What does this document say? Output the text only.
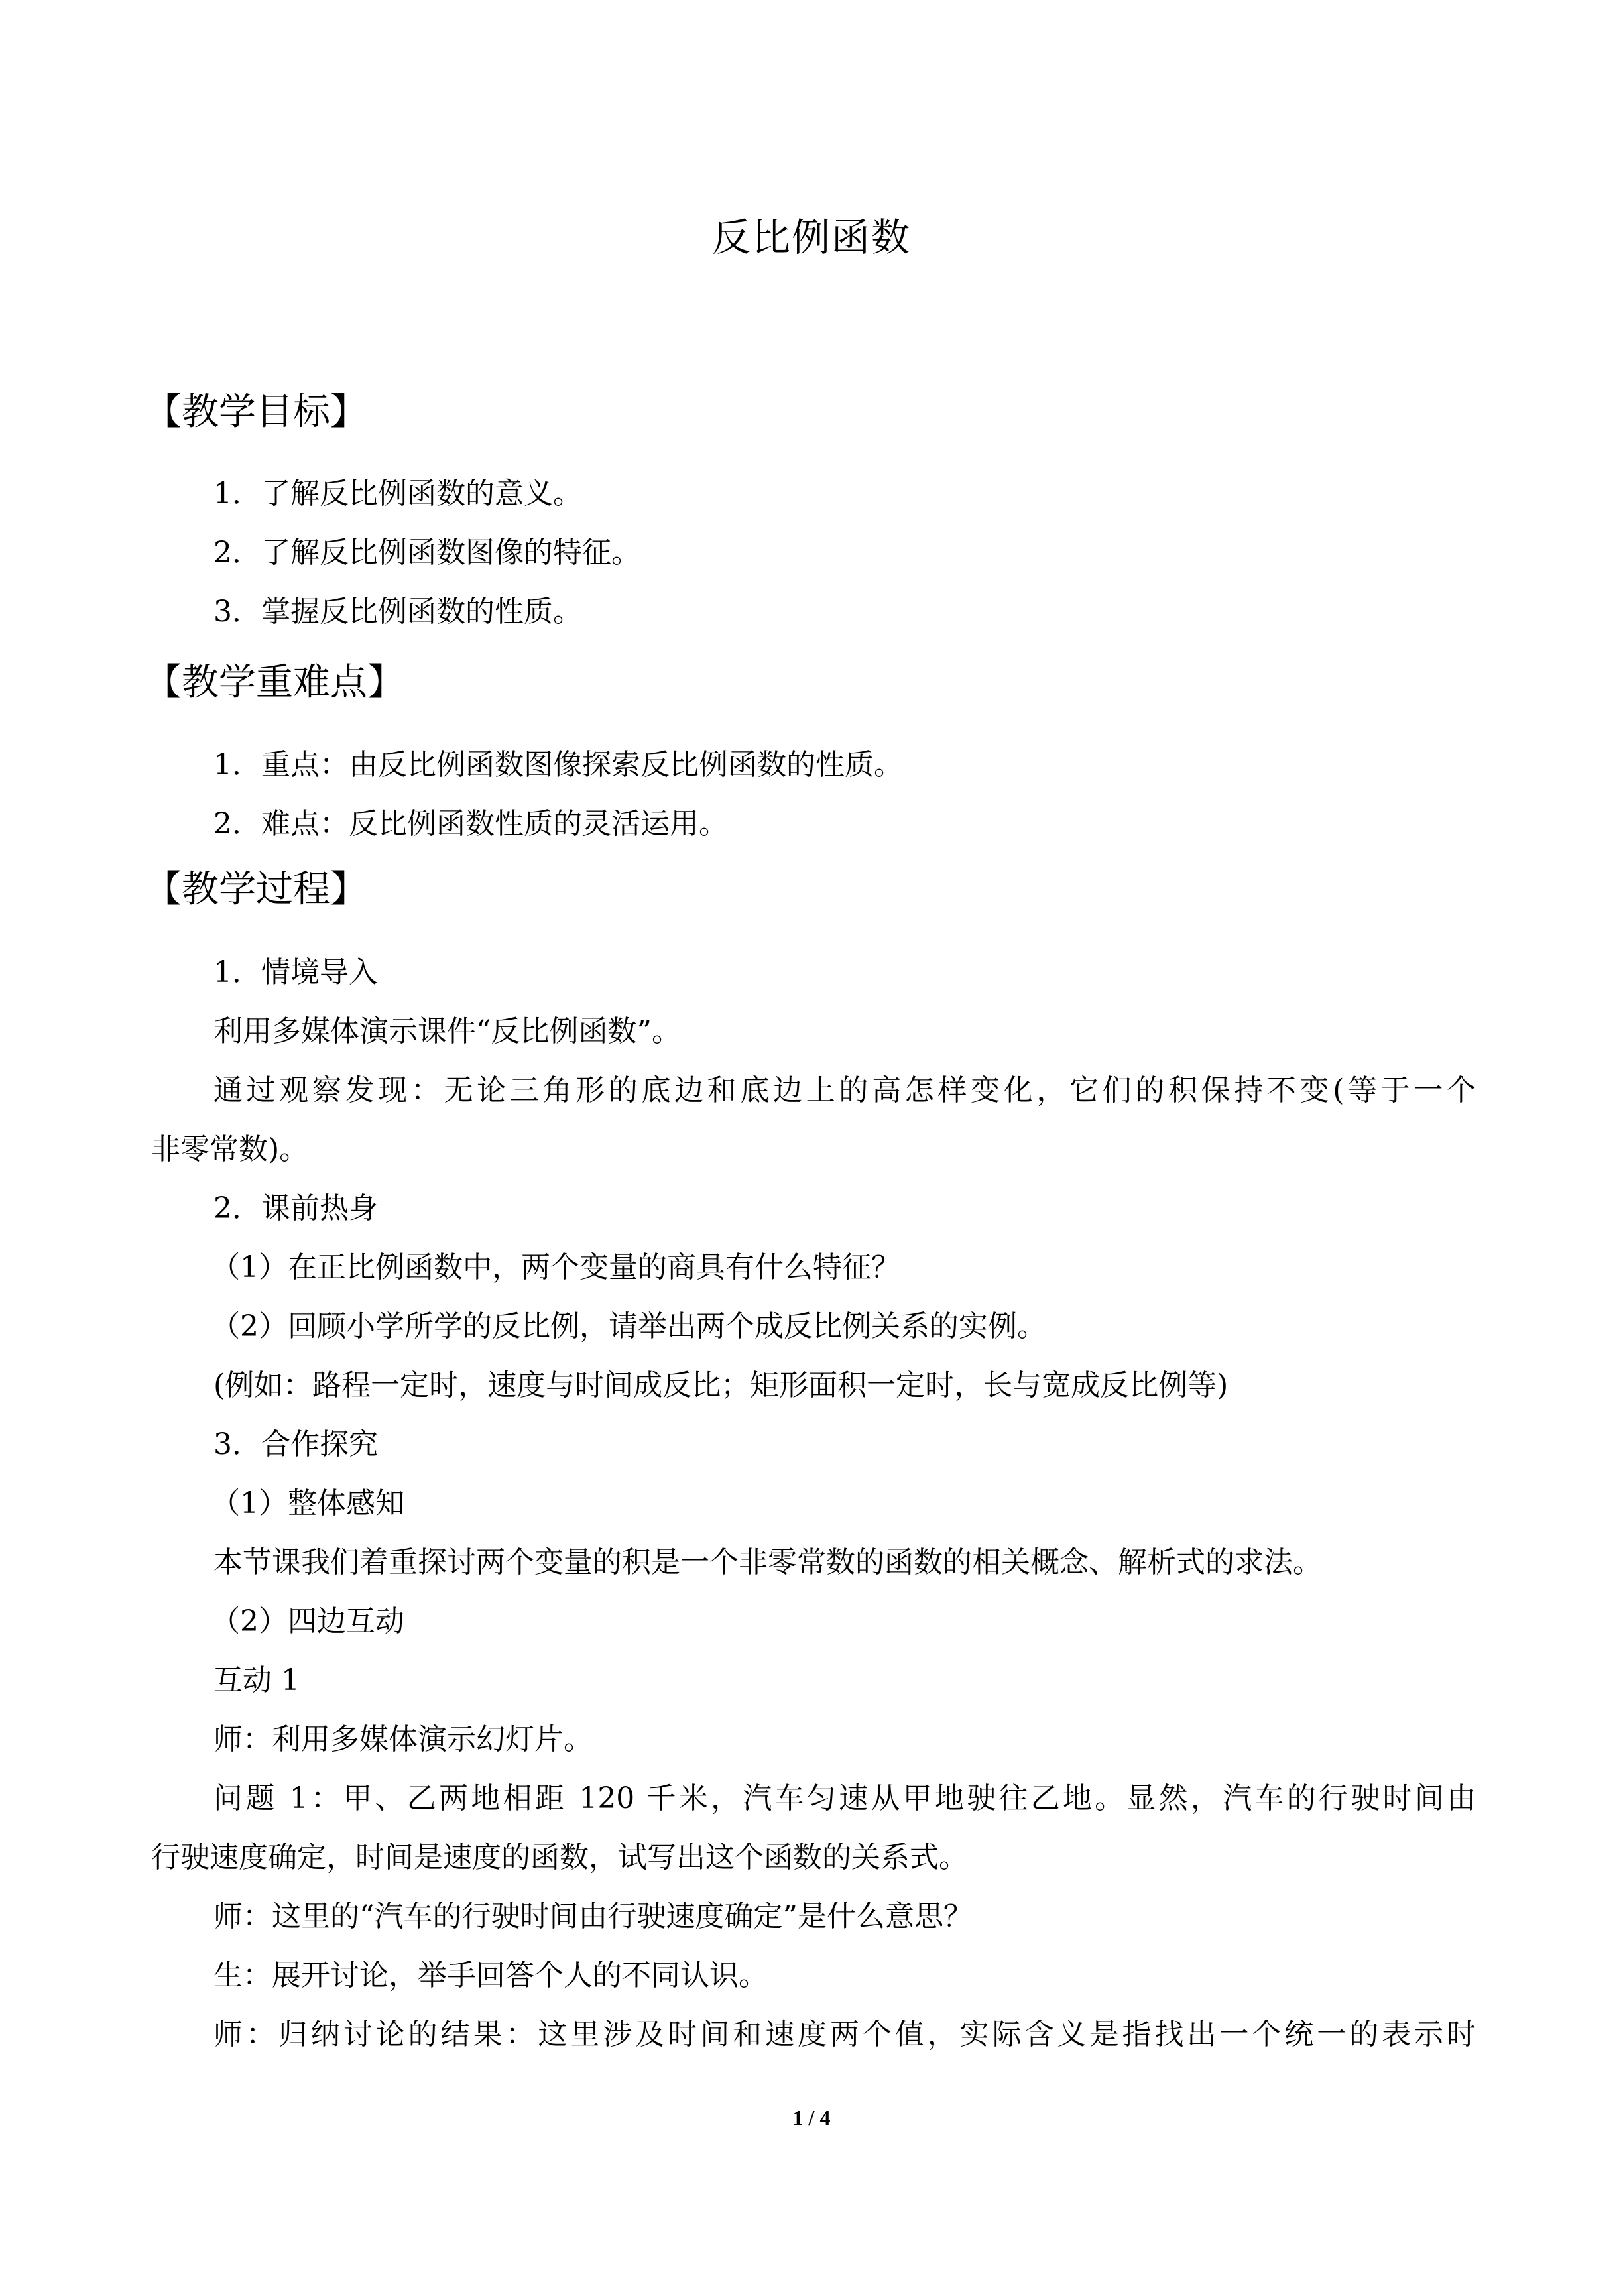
反比例函数
【教学目标】
1．了解反比例函数的意义。
2．了解反比例函数图像的特征。
3．掌握反比例函数的性质。
【教学重难点】
1．重点：由反比例函数图像探索反比例函数的性质。
2．难点：反比例函数性质的灵活运用。
【教学过程】
1．情境导入
利用多媒体演示课件“反比例函数”。
通过观察发现：无论三角形的底边和底边上的高怎样变化，它们的积保持不变(等于一个
非零常数)。
2．课前热身
（1）在正比例函数中，两个变量的商具有什么特征？
（2）回顾小学所学的反比例，请举出两个成反比例关系的实例。
(例如：路程一定时，速度与时间成反比；矩形面积一定时，长与宽成反比例等)
3．合作探究
（1）整体感知
本节课我们着重探讨两个变量的积是一个非零常数的函数的相关概念、解析式的求法。
（2）四边互动
互动 1
师：利用多媒体演示幻灯片。
问题 1：甲、乙两地相距 120 千米，汽车匀速从甲地驶往乙地。显然，汽车的行驶时间由
行驶速度确定，时间是速度的函数，试写出这个函数的关系式。
师：这里的“汽车的行驶时间由行驶速度确定”是什么意思？
生：展开讨论，举手回答个人的不同认识。
师：归纳讨论的结果：这里涉及时间和速度两个值，实际含义是指找出一个统一的表示时
1 / 4
